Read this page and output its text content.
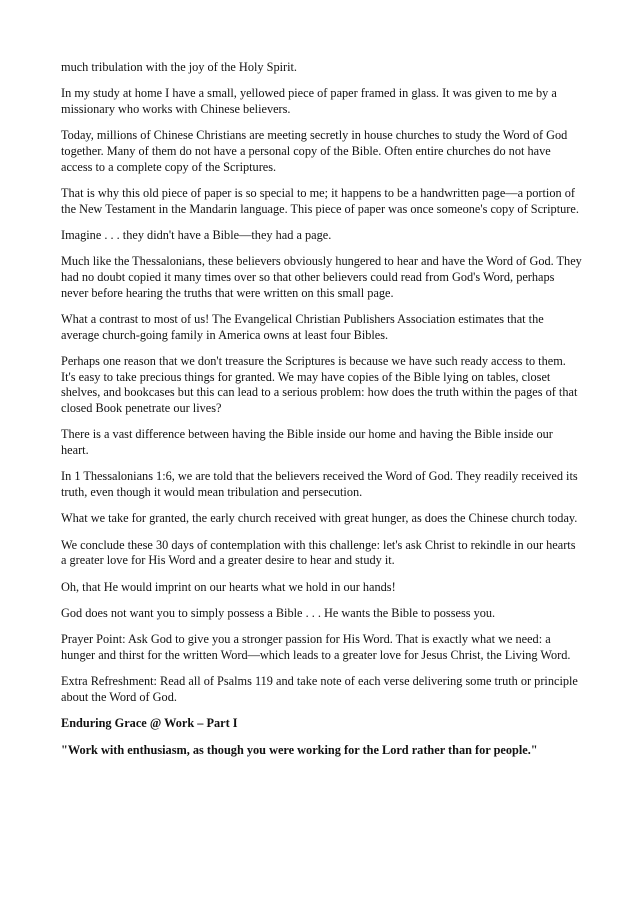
much tribulation with the joy of the Holy Spirit.

In my study at home I have a small, yellowed piece of paper framed in glass. It was given to me by a missionary who works with Chinese believers.

Today, millions of Chinese Christians are meeting secretly in house churches to study the Word of God together. Many of them do not have a personal copy of the Bible. Often entire churches do not have access to a complete copy of the Scriptures.

That is why this old piece of paper is so special to me; it happens to be a handwritten page—a portion of the New Testament in the Mandarin language. This piece of paper was once someone's copy of Scripture.

Imagine . . . they didn't have a Bible—they had a page.

Much like the Thessalonians, these believers obviously hungered to hear and have the Word of God. They had no doubt copied it many times over so that other believers could read from God's Word, perhaps never before hearing the truths that were written on this small page.

What a contrast to most of us! The Evangelical Christian Publishers Association estimates that the average church-going family in America owns at least four Bibles.

Perhaps one reason that we don't treasure the Scriptures is because we have such ready access to them. It's easy to take precious things for granted. We may have copies of the Bible lying on tables, closet shelves, and bookcases but this can lead to a serious problem: how does the truth within the pages of that closed Book penetrate our lives?

There is a vast difference between having the Bible inside our home and having the Bible inside our heart.

In 1 Thessalonians 1:6, we are told that the believers received the Word of God. They readily received its truth, even though it would mean tribulation and persecution.

What we take for granted, the early church received with great hunger, as does the Chinese church today.

We conclude these 30 days of contemplation with this challenge: let's ask Christ to rekindle in our hearts a greater love for His Word and a greater desire to hear and study it.

Oh, that He would imprint on our hearts what we hold in our hands!

God does not want you to simply possess a Bible . . . He wants the Bible to possess you.

Prayer Point: Ask God to give you a stronger passion for His Word. That is exactly what we need: a hunger and thirst for the written Word—which leads to a greater love for Jesus Christ, the Living Word.

Extra Refreshment: Read all of Psalms 119 and take note of each verse delivering some truth or principle about the Word of God.

Enduring Grace @ Work – Part I

"Work with enthusiasm, as though you were working for the Lord rather than for people."
